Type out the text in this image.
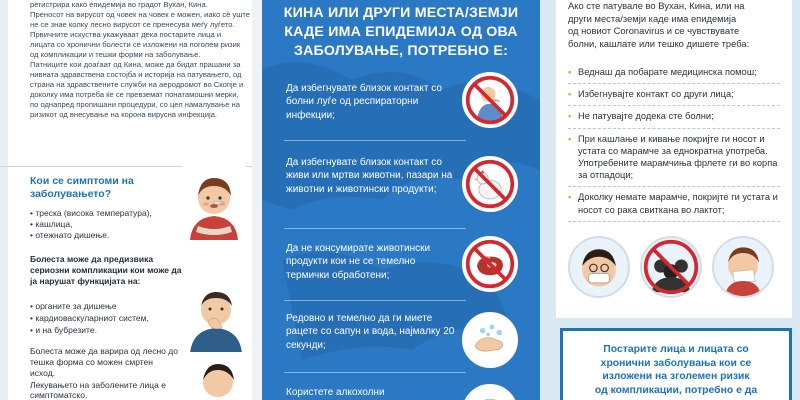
регистрира како епидемија во градот Вухан, Кина.

Преносот на вирусот од човек на човек е можен, иако сѐ уште

не се знае колку лесно вирусот се пренесува меѓу луѓето.

Првичните искуства укажуваат дека постарите лица и

лицата со хронични болести се изложени на поголем ризик

од компликации и тешки форми на заболување.

Патниците кои доаѓаат од Кина, може да бидат прашани за

нивната здравствена состојба и историја на патувањето, од

страна на здравствените служби на аеродромот во Скопје и

доколку има потреба ќе се превземат понатамошни мерки,

по однапред пропишани процедури, со цел намалување на

ризикот од внесување на корона вирусна инфекција.

Кои се симптоми на заболувањето?
• треска (висока температура),
• кашлица,
• отежнато дишење.
Болеста може да предизвика сериозни компликации кои може да ја нарушат функцијата на:
• органите за дишење
• кардиоваскуларниот систем,
• и на бубрезите.
Болеста може да варира од лесно до тешка форма со можен смртен исход.
Лекувањето на заболените лица е симптоматско.
КИНА ИЛИ ДРУГИ МЕСТА/ЗЕМЈИ
КАДЕ ИМА ЕПИДЕМИЈА ОД ОВА
ЗАБОЛУВАЊЕ, ПОТРЕБНО Е:
Да избегнувате близок контакт со болни луѓе од респираторни инфекции;
Да избегнувате близок контакт со живи или мртви животни, пазари на животни и животински продукти;
Да не консумирате животински продукти кои не се темелно термички обработени;
Редовно и темелно да ги миете рацете со сапун и вода, најмалку 20 секунди;
Користете алкохолни
Ако сте патувале во Вухан, Кина, или на
други места/земји каде има епидемија
од новиот Coronavirus и се чувствувате
болни, кашлате или тешко дишете треба:
• Веднаш да побарате медицинска помош;
• Избегнувајте контакт со други лица;
• Не патувајте додека сте болни;
• При кашлање и кивање покријте ги носот и устата со марамче за еднократна употреба. Употребените марамчиња фрлете ги во корпа за отпадоци;
• Доколку немате марамче, покријте ги устата и носот со рака свиткана во лактот;
Постарите лица и лицата со
хронични заболувања кои се
изложени на зголемен ризик
од компликации, потребно е да
